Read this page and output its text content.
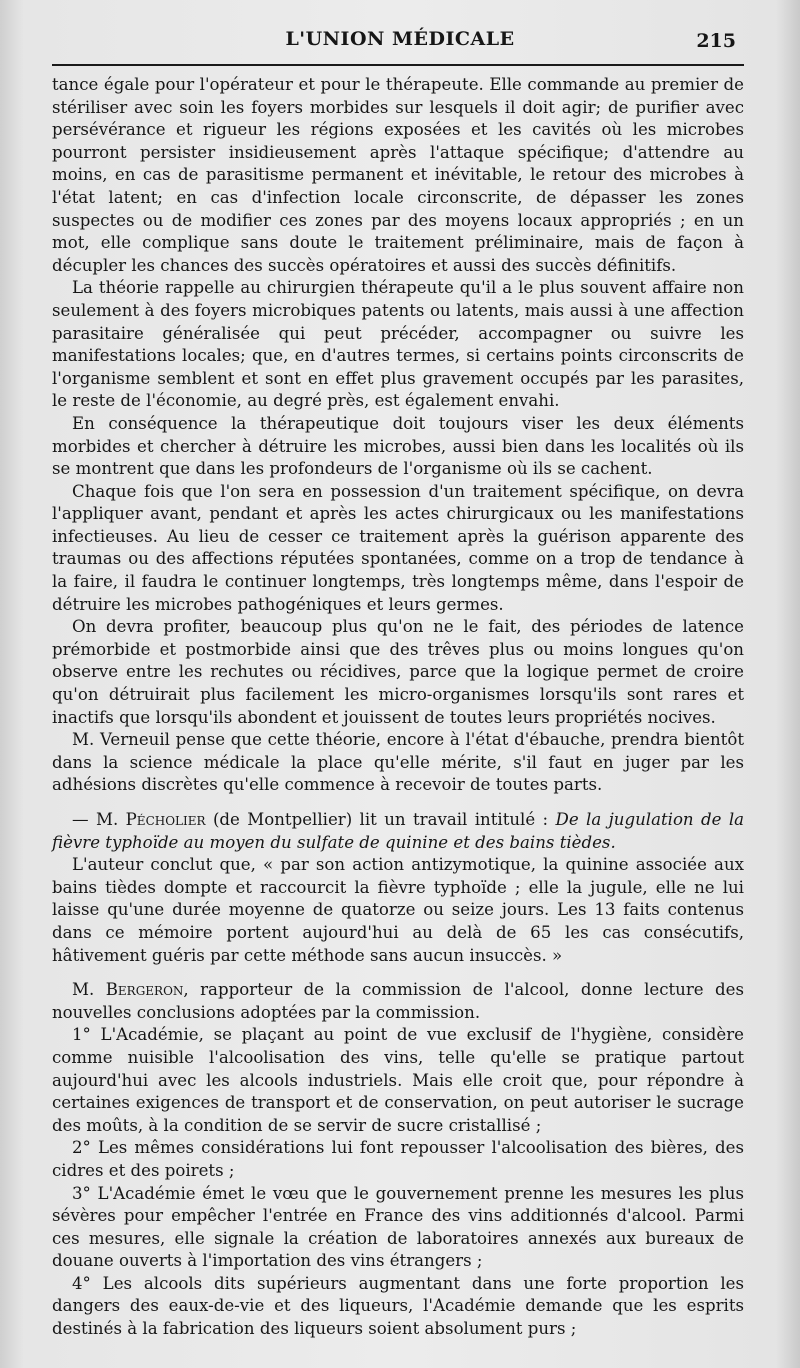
L'UNION MÉDICALE	215

tance égale pour l'opérateur et pour le thérapeute. Elle commande au premier de stériliser avec soin les foyers morbides sur lesquels il doit agir; de purifier avec persévérance et rigueur les régions exposées et les cavités où les microbes pourront persister insidieusement après l'attaque spécifique; d'attendre au moins, en cas de parasitisme permanent et inévitable, le retour des microbes à l'état latent; en cas d'infection locale circonscrite, de dépasser les zones suspectes ou de modifier ces zones par des moyens locaux appropriés ; en un mot, elle complique sans doute le traitement préliminaire, mais de façon à décupler les chances des succès opératoires et aussi des succès définitifs.

La théorie rappelle au chirurgien thérapeute qu'il a le plus souvent affaire non seulement à des foyers microbiques patents ou latents, mais aussi à une affection parasitaire généralisée qui peut précéder, accompagner ou suivre les manifestations locales; que, en d'autres termes, si certains points circonscrits de l'organisme semblent et sont en effet plus gravement occupés par les parasites, le reste de l'économie, au degré près, est également envahi.

En conséquence la thérapeutique doit toujours viser les deux éléments morbides et chercher à détruire les microbes, aussi bien dans les localités où ils se montrent que dans les profondeurs de l'organisme où ils se cachent.

Chaque fois que l'on sera en possession d'un traitement spécifique, on devra l'appliquer avant, pendant et après les actes chirurgicaux ou les manifestations infectieuses. Au lieu de cesser ce traitement après la guérison apparente des traumas ou des affections réputées spontanées, comme on a trop de tendance à la faire, il faudra le continuer longtemps, très longtemps même, dans l'espoir de détruire les microbes pathogéniques et leurs germes.

On devra profiter, beaucoup plus qu'on ne le fait, des périodes de latence prémorbide et postmorbide ainsi que des trêves plus ou moins longues qu'on observe entre les rechutes ou récidives, parce que la logique permet de croire qu'on détruirait plus facilement les micro-organismes lorsqu'ils sont rares et inactifs que lorsqu'ils abondent et jouissent de toutes leurs propriétés nocives.

M. Verneuil pense que cette théorie, encore à l'état d'ébauche, prendra bientôt dans la science médicale la place qu'elle mérite, s'il faut en juger par les adhésions discrètes qu'elle commence à recevoir de toutes parts.

— M. Pécholier (de Montpellier) lit un travail intitulé : De la jugulation de la fièvre typhoïde au moyen du sulfate de quinine et des bains tièdes.

L'auteur conclut que, « par son action antizymotique, la quinine associée aux bains tièdes dompte et raccourcit la fièvre typhoïde ; elle la jugule, elle ne lui laisse qu'une durée moyenne de quatorze ou seize jours. Les 13 faits contenus dans ce mémoire portent aujourd'hui au delà de 65 les cas consécutifs, hâtivement guéris par cette méthode sans aucun insuccès. »

M. Bergeron, rapporteur de la commission de l'alcool, donne lecture des nouvelles conclusions adoptées par la commission.

1° L'Académie, se plaçant au point de vue exclusif de l'hygiène, considère comme nuisible l'alcoolisation des vins, telle qu'elle se pratique partout aujourd'hui avec les alcools industriels. Mais elle croit que, pour répondre à certaines exigences de transport et de conservation, on peut autoriser le sucrage des moûts, à la condition de se servir de sucre cristallisé ;

2° Les mêmes considérations lui font repousser l'alcoolisation des bières, des cidres et des poirets ;

3° L'Académie émet le vœu que le gouvernement prenne les mesures les plus sévères pour empêcher l'entrée en France des vins additionnés d'alcool. Parmi ces mesures, elle signale la création de laboratoires annexés aux bureaux de douane ouverts à l'importation des vins étrangers ;

4° Les alcools dits supérieurs augmentant dans une forte proportion les dangers des eaux-de-vie et des liqueurs, l'Académie demande que les esprits destinés à la fabrication des liqueurs soient absolument purs ;
